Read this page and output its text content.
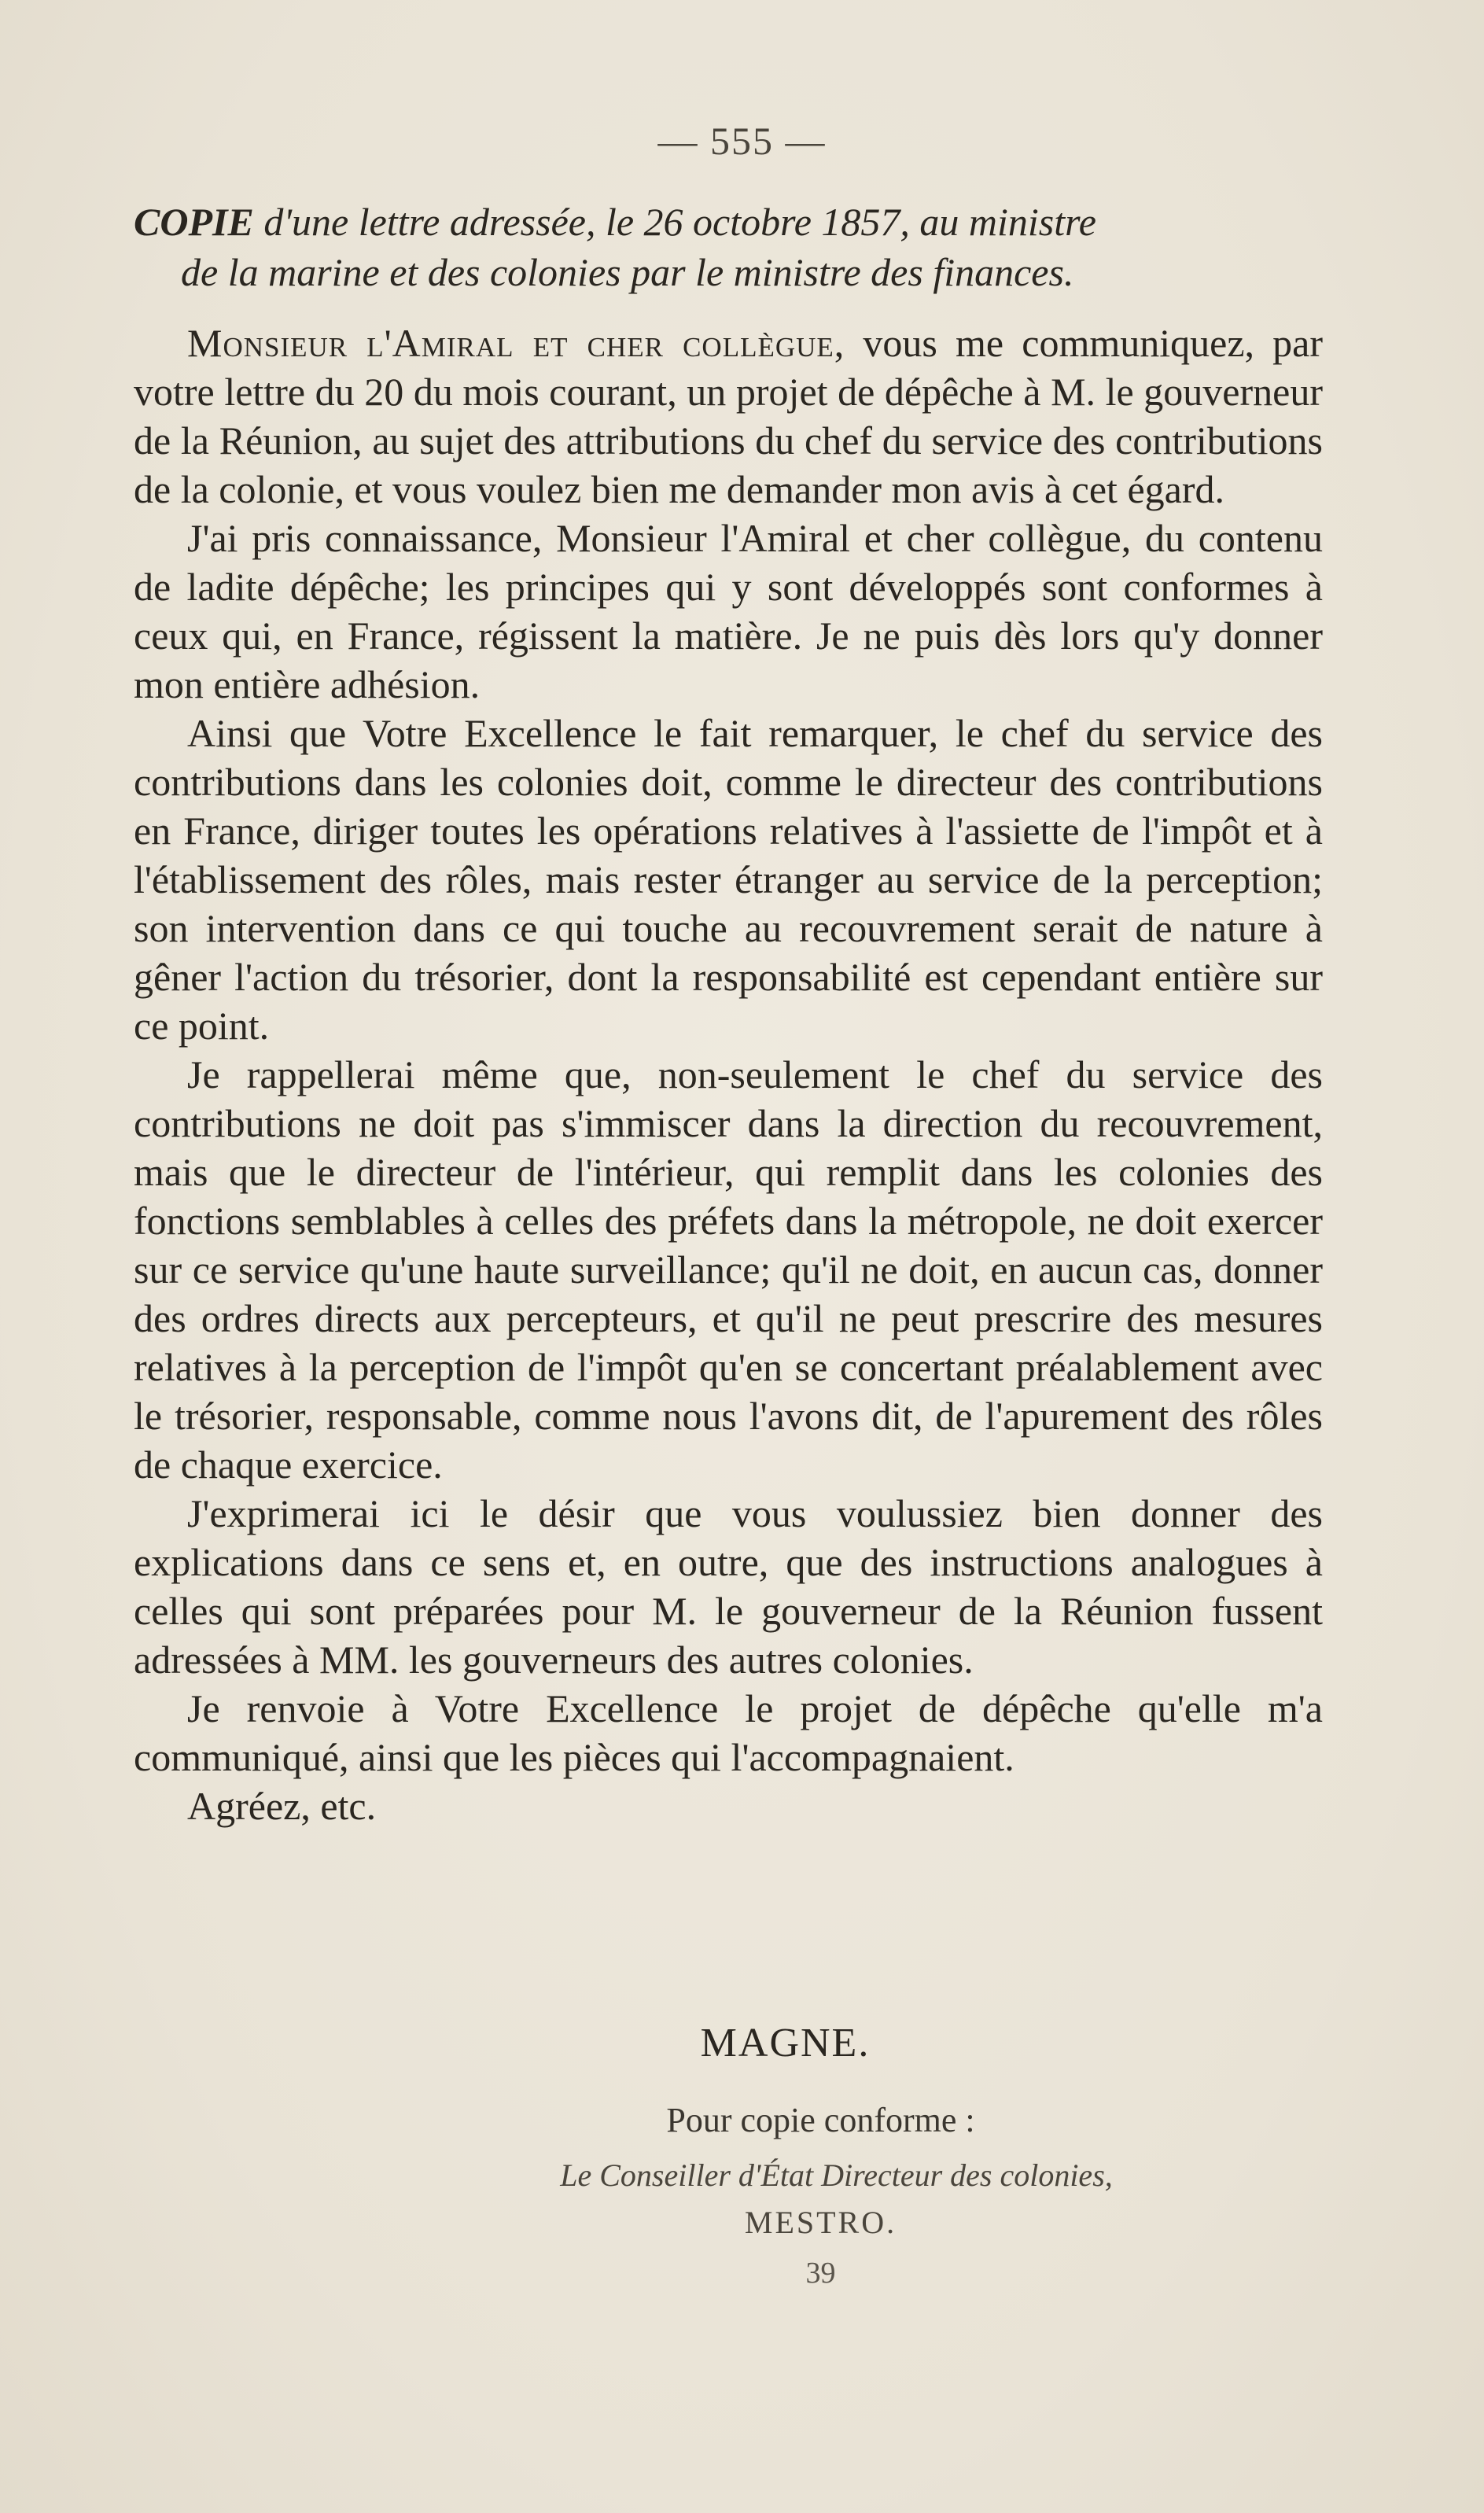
— 555 —
COPIE d'une lettre adressée, le 26 octobre 1857, au ministre
de la marine et des colonies par le ministre des finances.

Monsieur l'Amiral et cher collègue, vous me communiquez, par votre lettre du 20 du mois courant, un projet de dépêche à M. le gouverneur de la Réunion, au sujet des attributions du chef du service des contributions de la colonie, et vous voulez bien me demander mon avis à cet égard.

J'ai pris connaissance, Monsieur l'Amiral et cher collègue, du contenu de ladite dépêche; les principes qui y sont développés sont conformes à ceux qui, en France, régissent la matière. Je ne puis dès lors qu'y donner mon entière adhésion.

Ainsi que Votre Excellence le fait remarquer, le chef du service des contributions dans les colonies doit, comme le directeur des contributions en France, diriger toutes les opérations relatives à l'assiette de l'impôt et à l'établissement des rôles, mais rester étranger au service de la perception; son intervention dans ce qui touche au recouvrement serait de nature à gêner l'action du trésorier, dont la responsabilité est cependant entière sur ce point.

Je rappellerai même que, non-seulement le chef du service des contributions ne doit pas s'immiscer dans la direction du recouvrement, mais que le directeur de l'intérieur, qui remplit dans les colonies des fonctions semblables à celles des préfets dans la métropole, ne doit exercer sur ce service qu'une haute surveillance; qu'il ne doit, en aucun cas, donner des ordres directs aux percepteurs, et qu'il ne peut prescrire des mesures relatives à la perception de l'impôt qu'en se concertant préalablement avec le trésorier, responsable, comme nous l'avons dit, de l'apurement des rôles de chaque exercice.

J'exprimerai ici le désir que vous voulussiez bien donner des explications dans ce sens et, en outre, que des instructions analogues à celles qui sont préparées pour M. le gouverneur de la Réunion fussent adressées à MM. les gouverneurs des autres colonies.

Je renvoie à Votre Excellence le projet de dépêche qu'elle m'a communiqué, ainsi que les pièces qui l'accompagnaient.

Agréez, etc.

MAGNE.
Pour copie conforme :
Le Conseiller d'État Directeur des colonies,
MESTRO.
39
